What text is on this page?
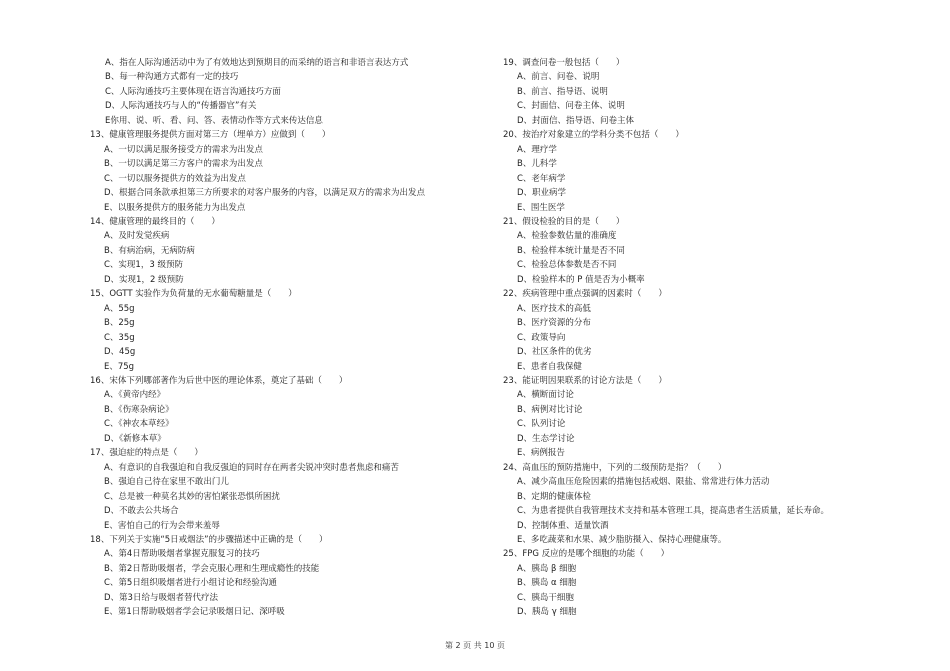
A、指在人际沟通活动中为了有效地达到预期目的而采纳的语言和非语言表达方式
B、每一种沟通方式都有一定的技巧
C、人际沟通技巧主要体现在语言沟通技巧方面
D、人际沟通技巧与人的“传播器官”有关
E你用、说、听、看、问、答、表情动作等方式来传达信息
13、健康管理服务提供方面对第三方（埋单方）应做到（　　）
A、一切以满足服务接受方的需求为出发点
B、一切以满足第三方客户的需求为出发点
C、一切以服务提供方的效益为出发点
D、根据合同条款承担第三方所要求的对客户服务的内容，以满足双方的需求为出发点
E、以服务提供方的服务能力为出发点
14、健康管理的最终目的（　　）
A、及时发觉疾病
B、有病治病，无病防病
C、实现1，3 级预防
D、实现1，2 级预防
15、OGTT 实验作为负荷量的无水葡萄糖量是（　　）
A、55g
B、25g
C、35g
D、45g
E、75g
16、宋体下列哪部著作为后世中医的理论体系，奠定了基础（　　）
A、《黄帝内经》
B、《伤寒杂病论》
C、《神农本草经》
D、《新修本草》
17、强迫症的特点是（　　）
A、有意识的自我强迫和自我反强迫的同时存在两者尖锐冲突时患者焦虑和痛苦
B、强迫自己待在家里不敢出门儿
C、总是被一种莫名其妙的害怕紧张恐惧所困扰
D、不敢去公共场合
E、害怕自己的行为会带来羞辱
18、下列关于实施“5日戒烟法”的步骤描述中正确的是（　　）
A、第4日帮助吸烟者掌握克服复习的技巧
B、第2日帮助吸烟者，学会克服心理和生理成瘾性的技能
C、第5日组织吸烟者进行小组讨论和经验沟通
D、第3日给与吸烟者替代疗法
E、第1日帮助吸烟者学会记录吸烟日记、深呼吸
19、调查问卷一般包括（　　）
A、前言、问卷、说明
B、前言、指导语、说明
C、封面信、问卷主体、说明
D、封面信、指导语、问卷主体
20、按治疗对象建立的学科分类不包括（　　）
A、理疗学
B、儿科学
C、老年病学
D、职业病学
E、围生医学
21、假设检验的目的是（　　）
A、检验参数估量的准确度
B、检验样本统计量是否不同
C、检验总体参数是否不同
D、检验样本的 P 值是否为小概率
22、疾病管理中重点强调的因素时（　　）
A、医疗技术的高低
B、医疗资源的分布
C、政策导向
D、社区条件的优劣
E、患者自我保健
23、能证明因果联系的讨论方法是（　　）
A、横断面讨论
B、病例对比讨论
C、队列讨论
D、生态学讨论
E、病例报告
24、高血压的预防措施中，下列的二级预防是指？（　　）
A、减少高血压危险因素的措施包括戒烟、限盐、常常进行体力活动
B、定期的健康体检
C、为患者提供自我管理技术支持和基本管理工具，提高患者生活质量，延长寿命。
D、控制体重、适量饮酒
E、多吃蔬菜和水果、减少脂肪摄入、保持心理健康等。
25、FPG 反应的是哪个细胞的功能（　　）
A、胰岛 β 细胞
B、胰岛 α 细胞
C、胰岛干细胞
D、胰岛 γ 细胞
第 2 页 共 10 页
